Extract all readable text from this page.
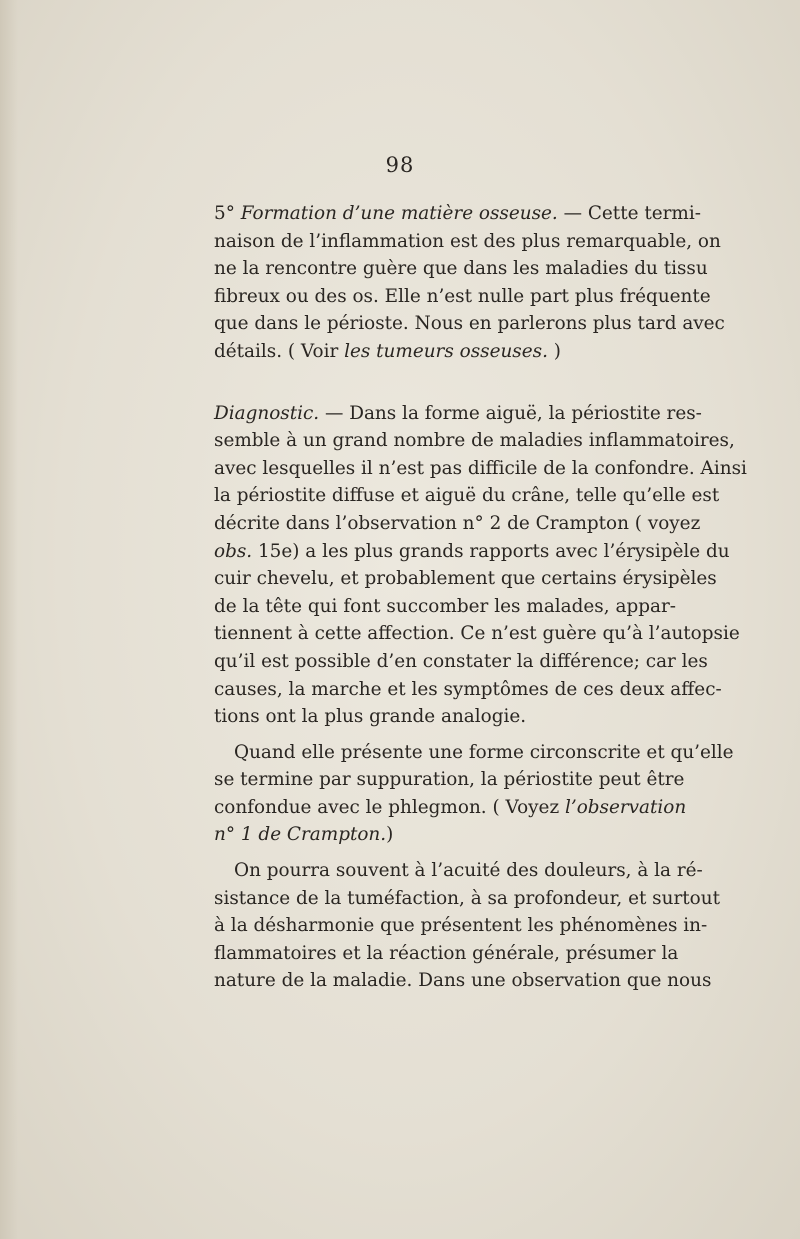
98
5° Formation d’une matière osseuse. — Cette termi-
naison de l’inflammation est des plus remarquable, on
ne la rencontre guère que dans les maladies du tissu
fibreux ou des os. Elle n’est nulle part plus fréquente
que dans le périoste. Nous en parlerons plus tard avec
détails. ( Voir les tumeurs osseuses. )
Diagnostic. — Dans la forme aiguë, la périostite res-
semble à un grand nombre de maladies inflammatoires,
avec lesquelles il n’est pas difficile de la confondre. Ainsi
la périostite diffuse et aiguë du crâne, telle qu’elle est
décrite dans l’observation n° 2 de Crampton ( voyez
obs. 15e) a les plus grands rapports avec l’érysipèle du
cuir chevelu, et probablement que certains érysipèles
de la tête qui font succomber les malades, appar-
tiennent à cette affection. Ce n’est guère qu’à l’autopsie
qu’il est possible d’en constater la différence; car les
causes, la marche et les symptômes de ces deux affec-
tions ont la plus grande analogie.
Quand elle présente une forme circonscrite et qu’elle
se termine par suppuration, la périostite peut être
confondue avec le phlegmon. ( Voyez l’observation
n° 1 de Crampton.)
On pourra souvent à l’acuité des douleurs, à la ré-
sistance de la tuméfaction, à sa profondeur, et surtout
à la désharmonie que présentent les phénomènes in-
flammatoires et la réaction générale, présumer la
nature de la maladie. Dans une observation que nous
